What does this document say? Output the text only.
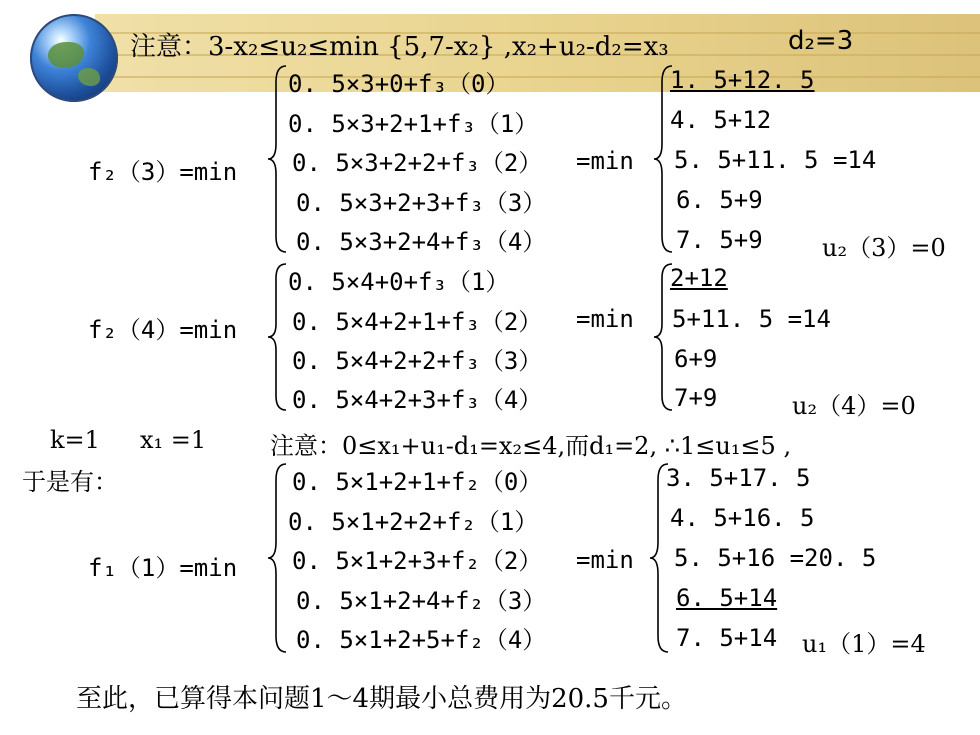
注意：3-x₂≤u₂≤min {5,7-x₂} ,x₂+u₂-d₂=x₃	d₂=3
f₂（3）=min
0. 5×3+0+f₃（0）
0. 5×3+2+1+f₃（1）
0. 5×3+2+2+f₃（2）
0. 5×3+2+3+f₃（3）
0. 5×3+2+4+f₃（4）
=min
1. 5+12. 5
4. 5+12
5. 5+11. 5 =14
6. 5+9
7. 5+9 u₂（3）=0
f₂（4）=min
0. 5×4+0+f₃（1）
0. 5×4+2+1+f₃（2）
0. 5×4+2+2+f₃（3）
0. 5×4+2+3+f₃（4）
=min
2+12
5+11. 5 =14
6+9
7+9	u₂（4）=0
k=1 x₁ =1	注意：0≤x₁+u₁-d₁=x₂≤4,而d₁=2, ∴1≤u₁≤5 ,
于是有：
f₁（1）=min
0. 5×1+2+1+f₂（0）
0. 5×1+2+2+f₂（1）
0. 5×1+2+3+f₂（2）
0. 5×1+2+4+f₂（3）
0. 5×1+2+5+f₂（4）
=min
3. 5+17. 5
4. 5+16. 5
5. 5+16 =20. 5
6. 5+14
7. 5+14 u₁（1）=4
至此，已算得本问题1～4期最小总费用为20.5千元。
